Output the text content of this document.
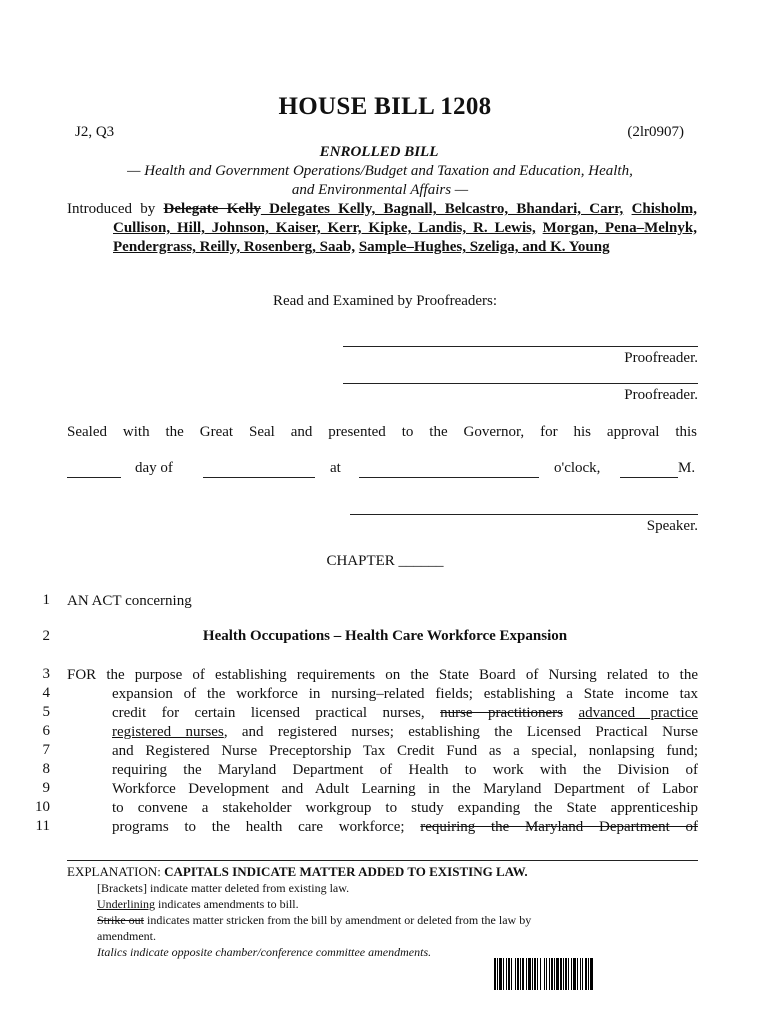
HOUSE BILL 1208
J2, Q3	(2lr0907)
ENROLLED BILL
— Health and Government Operations/Budget and Taxation and Education, Health,
and Environmental Affairs —
Introduced by Delegate Kelly Delegates Kelly, Bagnall, Belcastro, Bhandari, Carr, Chisholm, Cullison, Hill, Johnson, Kaiser, Kerr, Kipke, Landis, R. Lewis, Morgan, Pena–Melnyk, Pendergrass, Reilly, Rosenberg, Saab, Sample–Hughes, Szeliga, and K. Young
Read and Examined by Proofreaders:
Proofreader.
Proofreader.
Sealed with the Great Seal and presented to the Governor, for his approval this
day of	at	o'clock,	M.
Speaker.
CHAPTER ______
1
2
3
4
5
6
7
8
9
10
11
AN ACT concerning
Health Occupations – Health Care Workforce Expansion
FOR the purpose of establishing requirements on the State Board of Nursing related to the
expansion of the workforce in nursing–related fields; establishing a State income tax
credit for certain licensed practical nurses, nurse practitioners advanced practice
registered nurses, and registered nurses; establishing the Licensed Practical Nurse
and Registered Nurse Preceptorship Tax Credit Fund as a special, nonlapsing fund;
requiring the Maryland Department of Health to work with the Division of
Workforce Development and Adult Learning in the Maryland Department of Labor
to convene a stakeholder workgroup to study expanding the State apprenticeship
programs to the health care workforce; requiring the Maryland Department of
EXPLANATION: CAPITALS INDICATE MATTER ADDED TO EXISTING LAW.
[Brackets] indicate matter deleted from existing law.
Underlining indicates amendments to bill.
Strike out indicates matter stricken from the bill by amendment or deleted from the law by
amendment.
Italics indicate opposite chamber/conference committee amendments.
